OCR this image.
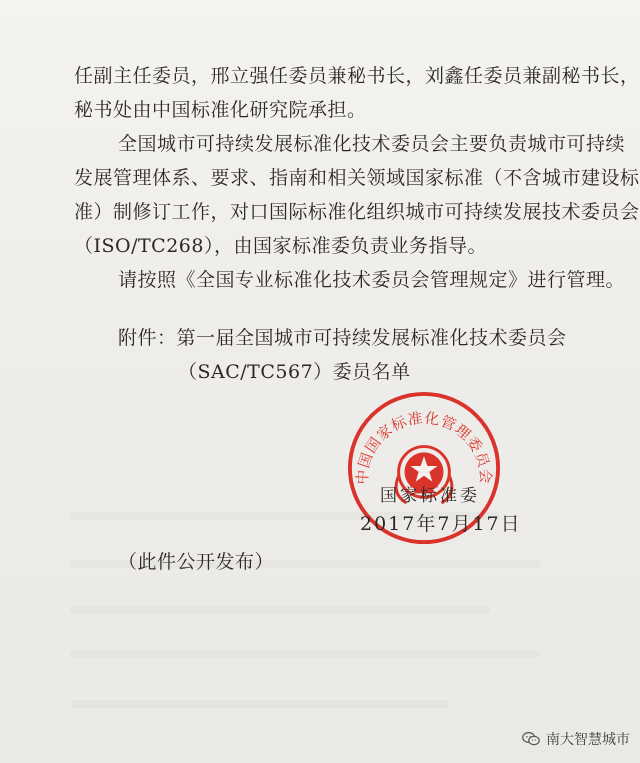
任副主任委员，邢立强任委员兼秘书长，刘鑫任委员兼副秘书长，
秘书处由中国标准化研究院承担。
全国城市可持续发展标准化技术委员会主要负责城市可持续
发展管理体系、要求、指南和相关领域国家标准（不含城市建设标
准）制修订工作，对口国际标准化组织城市可持续发展技术委员会
（ISO/TC268），由国家标准委负责业务指导。
请按照《全国专业标准化技术委员会管理规定》进行管理。
附件：第一届全国城市可持续发展标准化技术委员会
（SAC/TC567）委员名单
中国国家标准化管理委员会
国家标准委
2017年7月17日
（此件公开发布）
南大智慧城市
